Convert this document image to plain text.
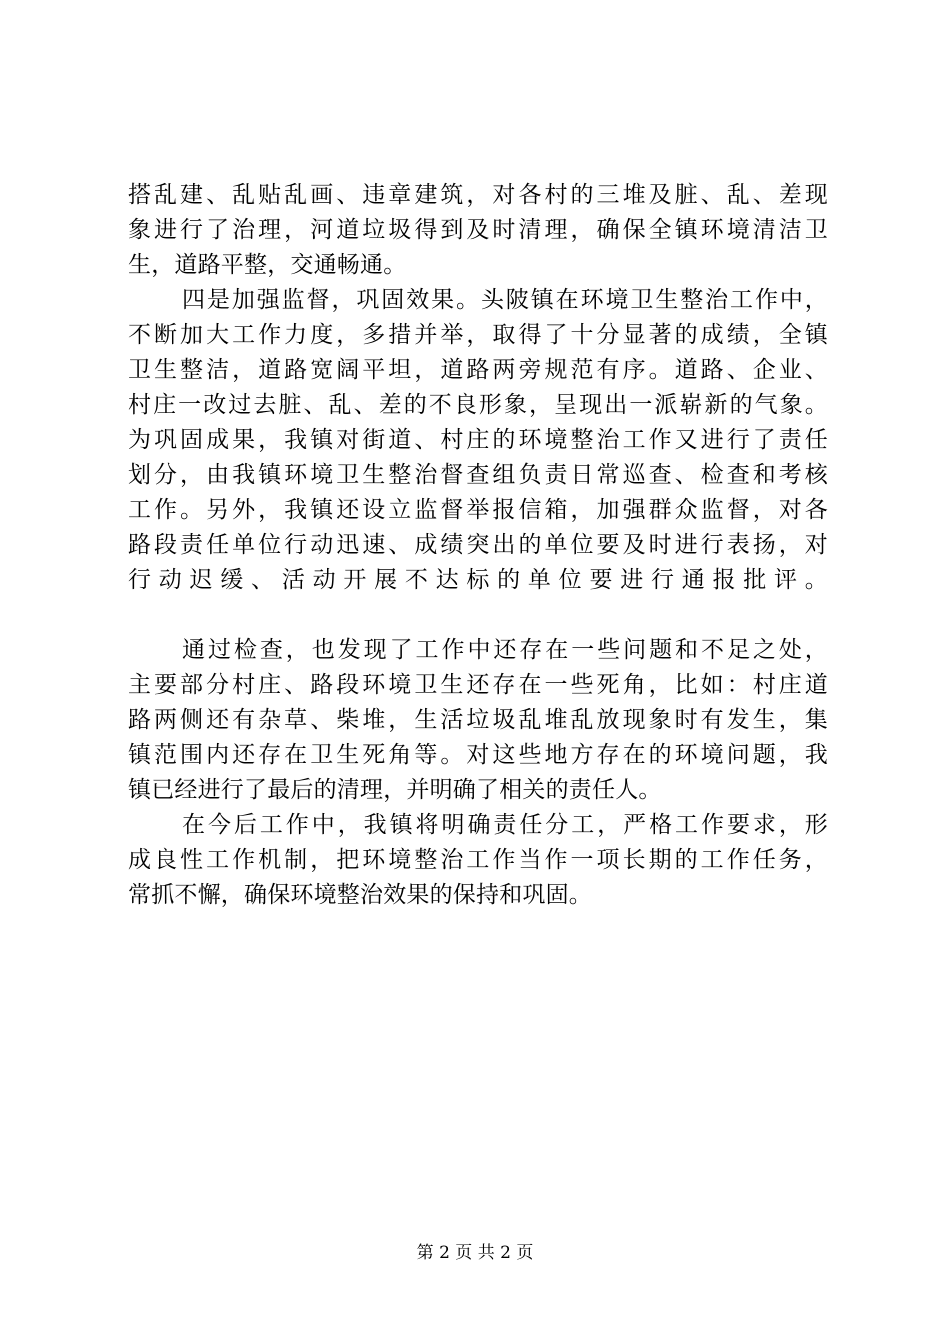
搭乱建、乱贴乱画、违章建筑，对各村的三堆及脏、乱、差现
象进行了治理，河道垃圾得到及时清理，确保全镇环境清洁卫
生，道路平整，交通畅通。
四是加强监督，巩固效果。头陂镇在环境卫生整治工作中，
不断加大工作力度，多措并举，取得了十分显著的成绩，全镇
卫生整洁，道路宽阔平坦，道路两旁规范有序。道路、企业、
村庄一改过去脏、乱、差的不良形象，呈现出一派崭新的气象。
为巩固成果，我镇对街道、村庄的环境整治工作又进行了责任
划分，由我镇环境卫生整治督查组负责日常巡查、检查和考核
工作。另外，我镇还设立监督举报信箱，加强群众监督，对各
路段责任单位行动迅速、成绩突出的单位要及时进行表扬，对
行动迟缓、活动开展不达标的单位要进行通报批评。
通过检查，也发现了工作中还存在一些问题和不足之处，
主要部分村庄、路段环境卫生还存在一些死角，比如：村庄道
路两侧还有杂草、柴堆，生活垃圾乱堆乱放现象时有发生，集
镇范围内还存在卫生死角等。对这些地方存在的环境问题，我
镇已经进行了最后的清理，并明确了相关的责任人。
在今后工作中，我镇将明确责任分工，严格工作要求，形
成良性工作机制，把环境整治工作当作一项长期的工作任务，
常抓不懈，确保环境整治效果的保持和巩固。
第 2 页 共 2 页
